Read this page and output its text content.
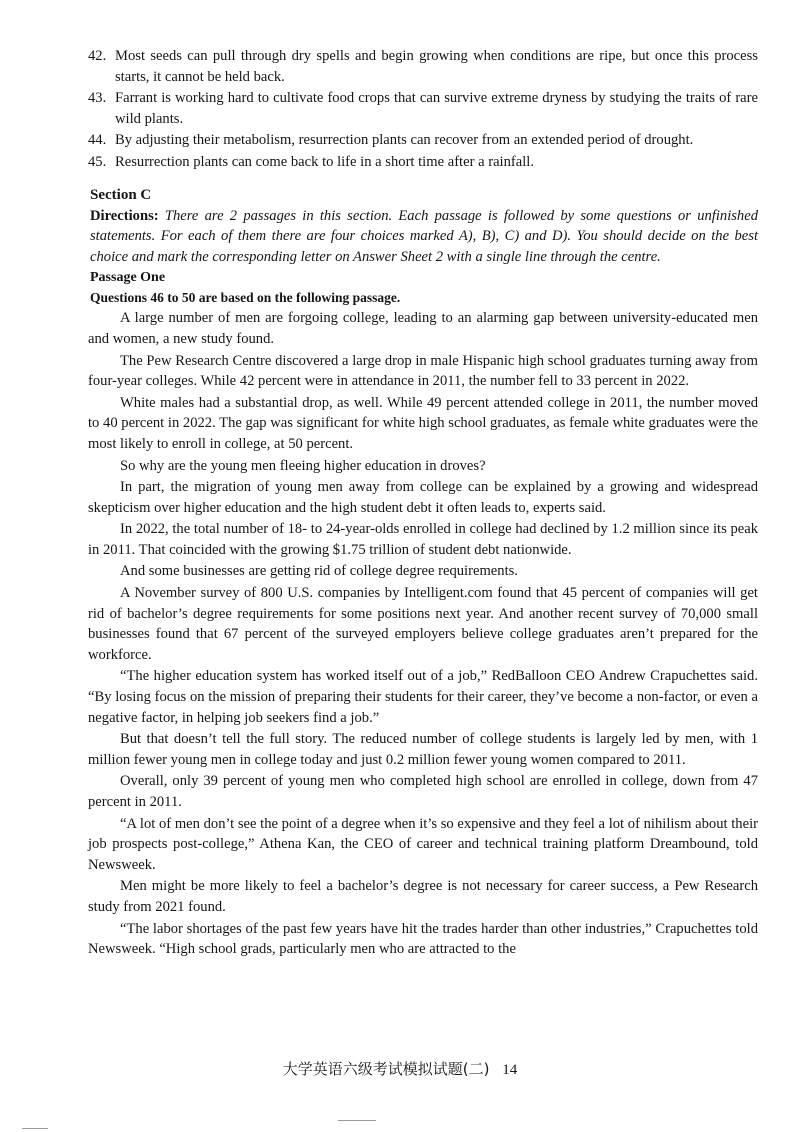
42. Most seeds can pull through dry spells and begin growing when conditions are ripe, but once this process starts, it cannot be held back.
43. Farrant is working hard to cultivate food crops that can survive extreme dryness by studying the traits of rare wild plants.
44. By adjusting their metabolism, resurrection plants can recover from an extended period of drought.
45. Resurrection plants can come back to life in a short time after a rainfall.
Section C
Directions: There are 2 passages in this section. Each passage is followed by some questions or unfinished statements. For each of them there are four choices marked A), B), C) and D). You should decide on the best choice and mark the corresponding letter on Answer Sheet 2 with a single line through the centre.
Passage One
Questions 46 to 50 are based on the following passage.

A large number of men are forgoing college, leading to an alarming gap between university-educated men and women, a new study found.

The Pew Research Centre discovered a large drop in male Hispanic high school graduates turning away from four-year colleges. While 42 percent were in attendance in 2011, the number fell to 33 percent in 2022.

White males had a substantial drop, as well. While 49 percent attended college in 2011, the number moved to 40 percent in 2022. The gap was significant for white high school graduates, as female white graduates were the most likely to enroll in college, at 50 percent.

So why are the young men fleeing higher education in droves?

In part, the migration of young men away from college can be explained by a growing and widespread skepticism over higher education and the high student debt it often leads to, experts said.

In 2022, the total number of 18- to 24-year-olds enrolled in college had declined by 1.2 million since its peak in 2011. That coincided with the growing $1.75 trillion of student debt nationwide.

And some businesses are getting rid of college degree requirements.

A November survey of 800 U.S. companies by Intelligent.com found that 45 percent of companies will get rid of bachelor’s degree requirements for some positions next year. And another recent survey of 70,000 small businesses found that 67 percent of the surveyed employers believe college graduates aren’t prepared for the workforce.

“The higher education system has worked itself out of a job,” RedBalloon CEO Andrew Crapuchettes said. “By losing focus on the mission of preparing their students for their career, they’ve become a non-factor, or even a negative factor, in helping job seekers find a job.”

But that doesn’t tell the full story. The reduced number of college students is largely led by men, with 1 million fewer young men in college today and just 0.2 million fewer young women compared to 2011.

Overall, only 39 percent of young men who completed high school are enrolled in college, down from 47 percent in 2011.

“A lot of men don’t see the point of a degree when it’s so expensive and they feel a lot of nihilism about their job prospects post-college,” Athena Kan, the CEO of career and technical training platform Dreambound, told Newsweek.

Men might be more likely to feel a bachelor’s degree is not necessary for career success, a Pew Research study from 2021 found.

“The labor shortages of the past few years have hit the trades harder than other industries,” Crapuchettes told Newsweek. “High school grads, particularly men who are attracted to the

大学英语六级考试模拟试题(二) 14
